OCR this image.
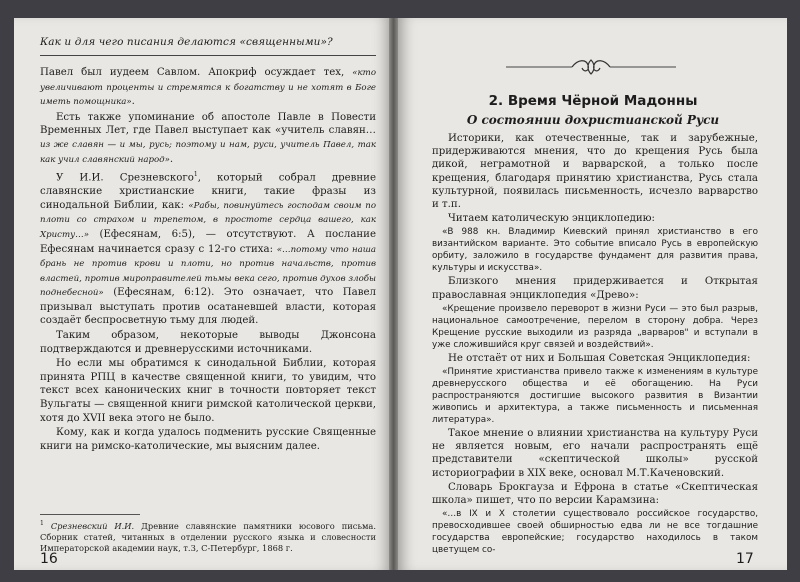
Как и для чего писания делаются «священными»?

Павел был иудеем Савлом. Апокриф осуждает тех, «кто увеличивают проценты и стремятся к богатству и не хотят в Боге иметь помощника».

Есть также упоминание об апостоле Павле в Повести Временных Лет, где Павел выступает как «учитель славян… из же славян — и мы, русь; поэтому и нам, руси, учитель Павел, так как учил славянский народ».

У И.И. Срезневского$^1$, который собрал древние славянские христианские книги, такие фразы из синодальной Библии, как: «Рабы, повинуйтесь господам своим по плоти со страхом и трепетом, в простоте сердца вашего, как Христу…» (Ефесянам, 6:5), — отсутствуют. А послание Ефесянам начинается сразу с 12-го стиха: «…потому что наша брань не против крови и плоти, но против начальств, против властей, против мироправителей тьмы века сего, против духов злобы поднебесной» (Ефесянам, 6:12). Это означает, что Павел призывал выступать против осатаневшей власти, которая создаёт беспросветную тьму для людей.

Таким образом, некоторые выводы Джонсона подтверждаются и древнерусскими источниками.

Но если мы обратимся к синодальной Библии, которая принята РПЦ в качестве священной книги, то увидим, что текст всех канонических книг в точности повторяет текст Вульгаты — священной книги римской католической церкви, хотя до XVII века этого не было.

Кому, как и когда удалось подменить русские Священные книги на римско-католические, мы выясним далее.

$^1$ Срезневский И.И. Древние славянские памятники юсового письма. Сборник статей, читанных в отделении русского языка и словесности Императорской академии наук, т.3, С-Петербург, 1868 г.
16
2. Время Чёрной Мадонны
О состоянии дохристианской Руси

Историки, как отечественные, так и зарубежные, придерживаются мнения, что до крещения Русь была дикой, неграмотной и варварской, а только после крещения, благодаря принятию христианства, Русь стала культурной, появилась письменность, исчезло варварство и т.п.

Читаем католическую энциклопедию:

«В 988 кн. Владимир Киевский принял христианство в его византийском варианте. Это событие вписало Русь в европейскую орбиту, заложило в государстве фундамент для развития права, культуры и искусства».

Близкого мнения придерживается и Открытая православная энциклопедия «Древо»:

«Крещение произвело переворот в жизни Руси — это был разрыв, национальное самоотречение, перелом в сторону добра. Через Крещение русские выходили из разряда „варваров" и вступали в уже сложившийся круг связей и воздействий».

Не отстаёт от них и Большая Советская Энциклопедия:

«Принятие христианства привело также к изменениям в культуре древнерусского общества и её обогащению. На Руси распространяются достигшие высокого развития в Византии живопись и архитектура, а также письменность и письменная литература».

Такое мнение о влиянии христианства на культуру Руси не является новым, его начали распространять ещё представители «скептической школы» русской историографии в XIX веке, основал М.Т.Каченовский.

Словарь Брокгауза и Ефрона в статье «Скептическая школа» пишет, что по версии Карамзина:

«…в IX и X столетии существовало российское государство, превосходившее своей обширностью едва ли не все тогдашние государства европейские; государство находилось в таком цветущем со-

17
